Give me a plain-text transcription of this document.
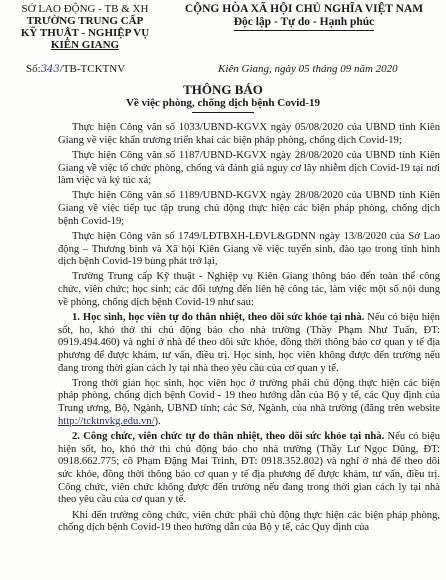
SỞ LAO ĐỘNG - TB & XH
TRƯỜNG TRUNG CẤP
KỸ THUẬT - NGHIỆP VỤ
KIÊN GIANG
CỘNG HÒA XÃ HỘI CHỦ NGHĨA VIỆT NAM
Độc lập - Tự do - Hạnh phúc
Số:343/TB-TCKTNV	Kiên Giang, ngày 05 tháng 09 năm 2020
THÔNG BÁO
Về việc phòng, chống dịch bệnh Covid-19

Thực hiện Công văn số 1033/UBND-KGVX ngày 05/08/2020 của UBND tỉnh Kiên Giang về việc khẩn trương triển khai các biện pháp phòng, chống dịch Covid-19;

Thực hiện Công văn số 1187/UBND-KGVX ngày 28/08/2020 của UBND tỉnh Kiên Giang về việc tổ chức phòng, chống và đánh giá nguy cơ lây nhiễm dịch Covid-19 tại nơi làm việc và ký túc xá;

Thực hiện Công văn số 1189/UBND-KGVX ngày 28/08/2020 của UBND tỉnh Kiên Giang về việc tiếp tục tập trung chủ động thực hiện các biện pháp phòng, chống dịch bệnh Covid-19;

Thực hiện Công văn số 1749/LĐTBXH-LĐVL&GDNN ngày 13/8/2020 của Sở Lao động – Thương binh và Xã hội Kiên Giang về việc tuyển sinh, đào tạo trong tình hình dịch bệnh Covid-19 bùng phát trở lại,

Trường Trung cấp Kỹ thuật - Nghiệp vụ Kiên Giang thông báo đến toàn thể công chức, viên chức; học sinh; các đối tượng đến liên hệ công tác, làm việc một số nội dung về phòng, chống dịch bệnh Covid-19 như sau:

1. Học sinh, học viên tự đo thân nhiệt, theo dõi sức khỏe tại nhà. Nếu có biệu hiện sốt, ho, khó thở thì chủ động báo cho nhà trường (Thầy Phạm Như Tuấn, ĐT: 0919.494.460) và nghỉ ở nhà để theo dõi sức khỏe, đồng thời thông báo cơ quan y tế địa phương để được khám, tư vấn, điều trị. Học sinh, học viên không được đến trường nếu đang trong thời gian cách ly tại nhà theo yêu cầu của cơ quan y tế.

Trong thời gian học sinh, học viên học ở trường phải chủ động thực hiện các biện pháp phòng, chống dịch bệnh Covid - 19 theo hướng dẫn của Bộ y tế, các Quy định của Trung ương, Bộ, Ngành, UBND tỉnh; các Sở, Ngành, của nhà trường (đăng trên website http://tcktnvkg.edu.vn/).

2. Công chức, viên chức tự đo thân nhiệt, theo dõi sức khỏe tại nhà. Nếu có biệu hiện sốt, ho, khó thở thì chủ động báo cho nhà trường (Thầy Lư Ngọc Dũng, ĐT: 0918.662.775; cô Phạm Đặng Mai Trinh, ĐT: 0918.352.802) và nghỉ ở nhà để theo dõi sức khỏe, đồng thời thông báo cơ quan y tế địa phương để được khám, tư vấn, điều trị. Công chức, viên chức không được đến trường nếu đang trong thời gian cách ly tại nhà theo yêu cầu của cơ quan y tế.

Khi đến trường công chức, viên chức phải chủ động thực hiện các biện pháp phòng, chống dịch bệnh Covid-19 theo hướng dẫn của Bộ y tế, các Quy định của
